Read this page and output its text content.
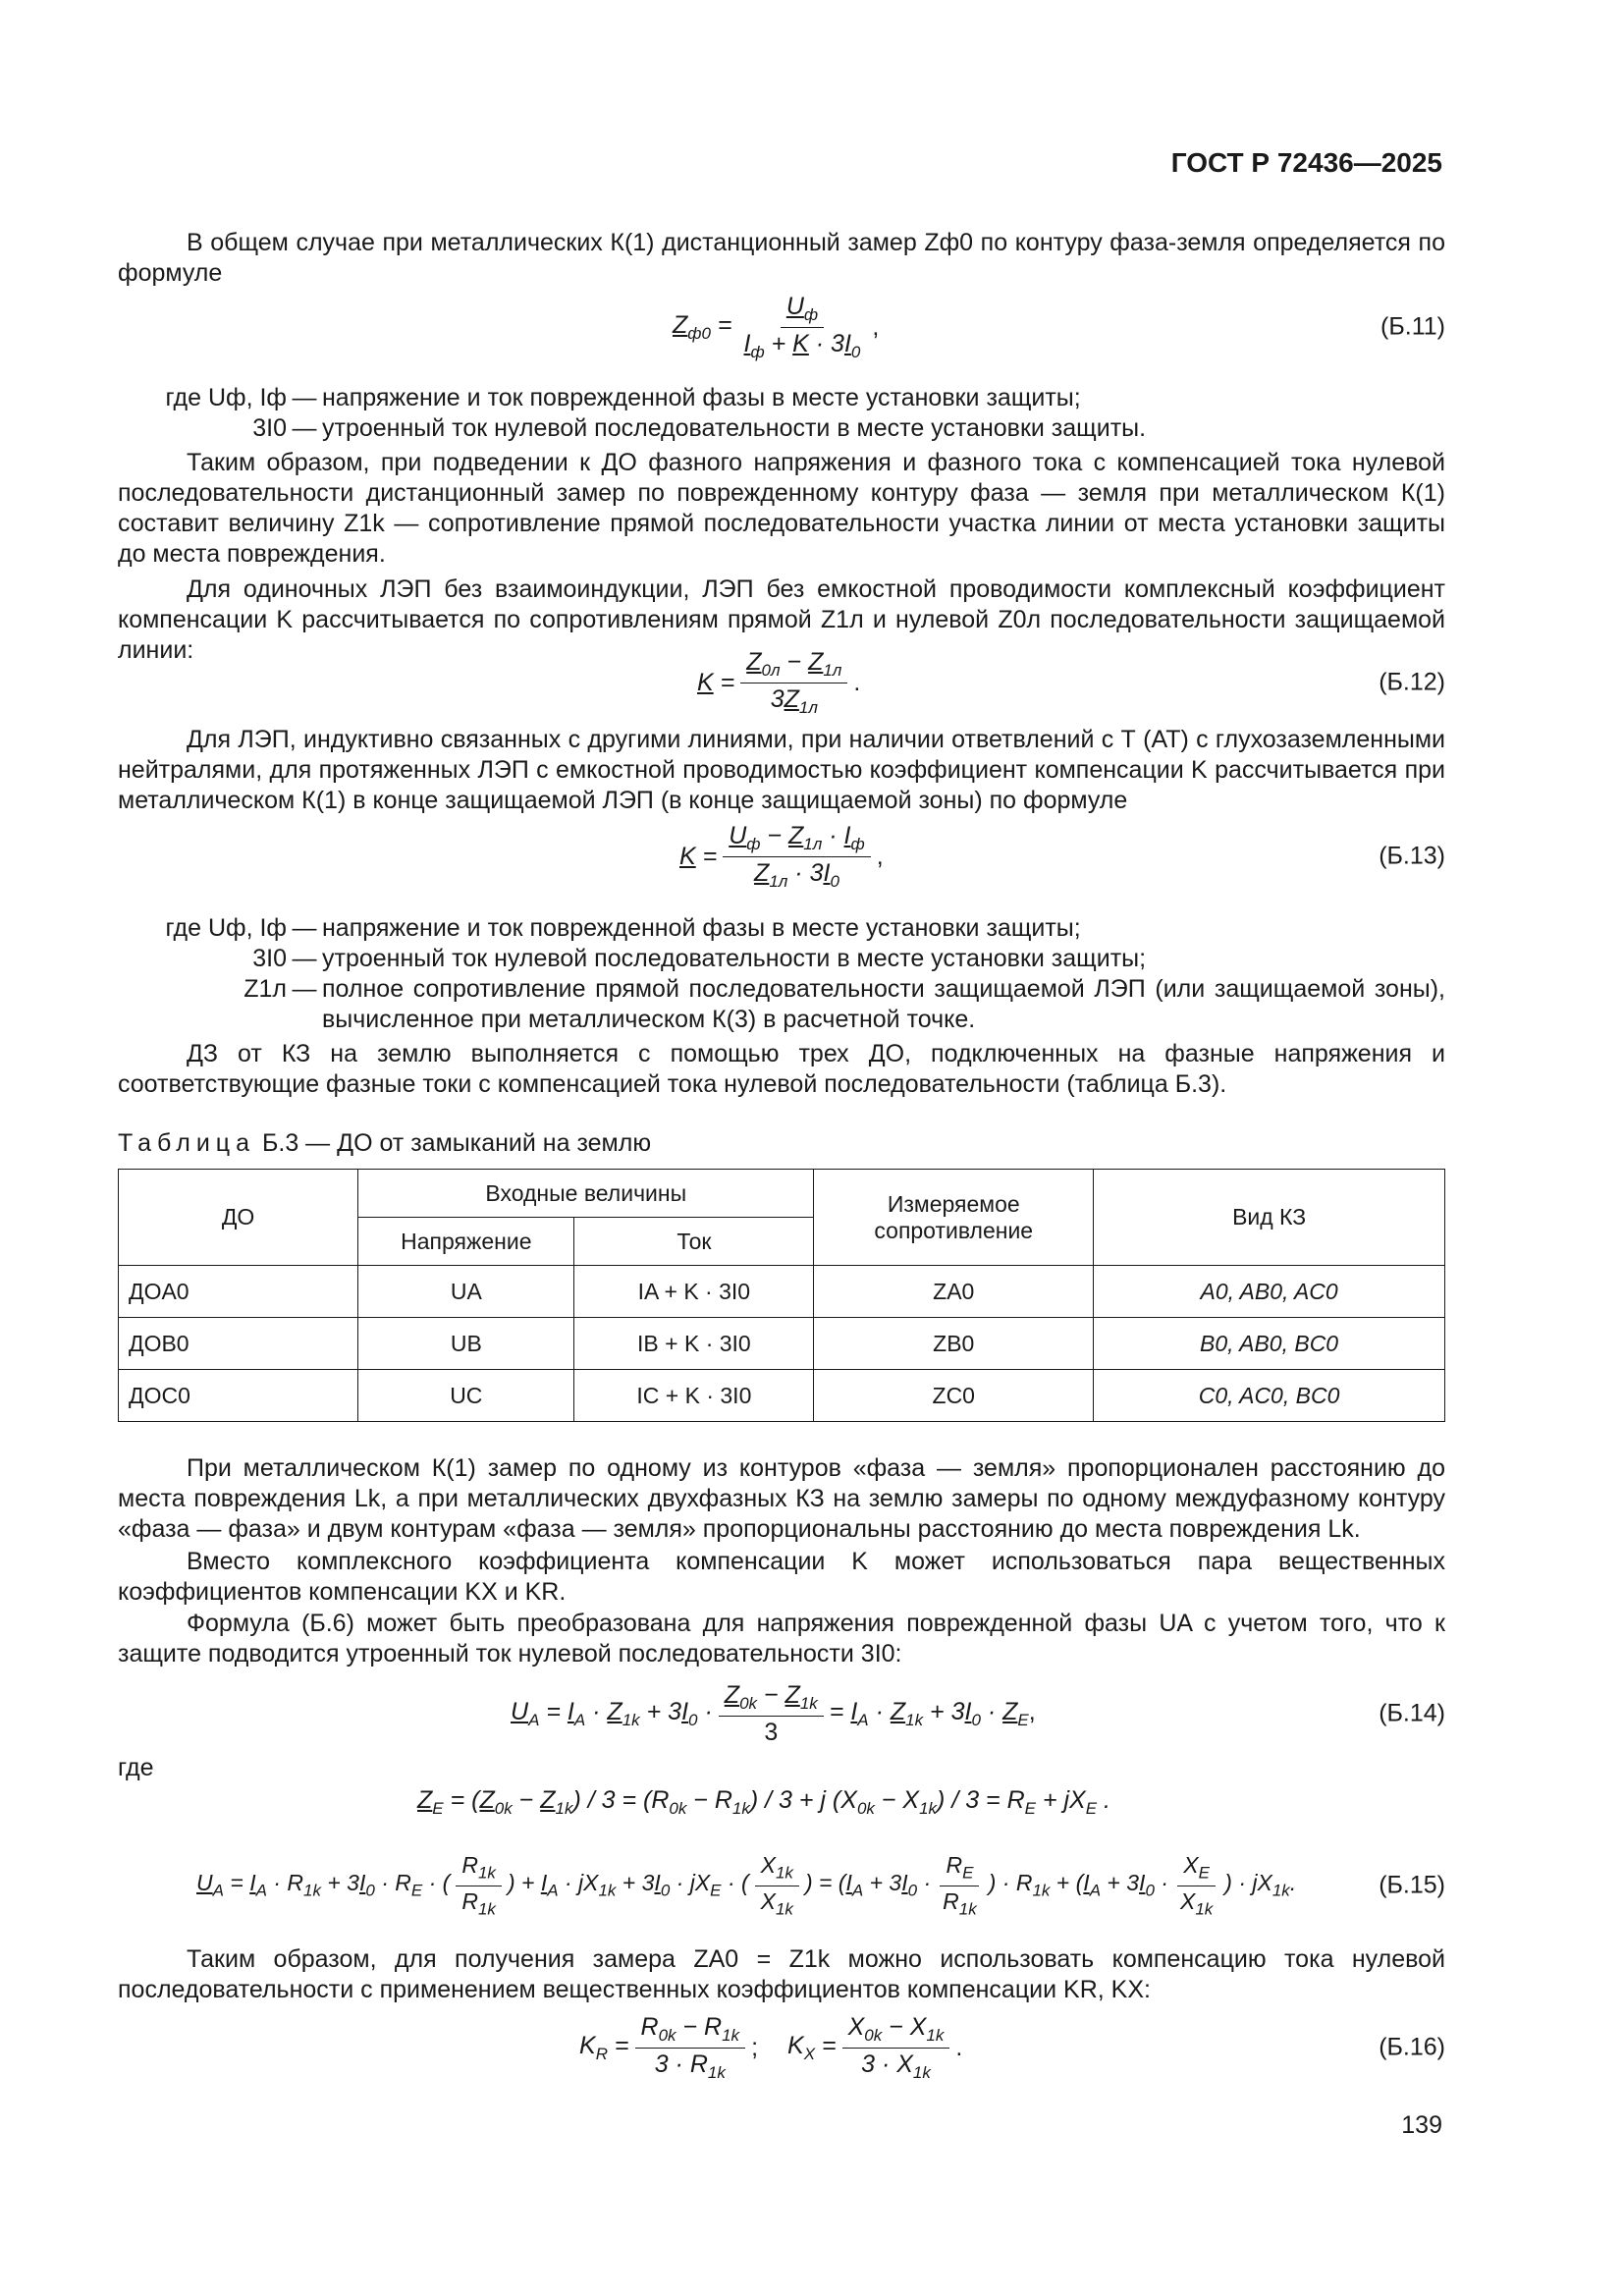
ГОСТ Р 72436—2025
В общем случае при металлических К(1) дистанционный замер Zф0 по контуру фаза-земля определяется по формуле
$Z_{ф0} = \frac{U_ф}{I_ф + K \cdot 3I_0}$ ,	(Б.11)
где Uф, Iф — напряжение и ток поврежденной фазы в месте установки защиты;
3I0 — утроенный ток нулевой последовательности в месте установки защиты.
Таким образом, при подведении к ДО фазного напряжения и фазного тока с компенсацией тока нулевой последовательности дистанционный замер по поврежденному контуру фаза — земля при металлическом К(1) составит величину Z1k — сопротивление прямой последовательности участка линии от места установки защиты до места повреждения.
Для одиночных ЛЭП без взаимоиндукции, ЛЭП без емкостной проводимости комплексный коэффициент компенсации K рассчитывается по сопротивлениям прямой Z1л и нулевой Z0л последовательности защищаемой линии:
$K = \frac{Z_{0л} - Z_{1л}}{3Z_{1л}}$ .	(Б.12)
Для ЛЭП, индуктивно связанных с другими линиями, при наличии ответвлений с Т (АТ) с глухозаземленными нейтралями, для протяженных ЛЭП с емкостной проводимостью коэффициент компенсации K рассчитывается при металлическом К(1) в конце защищаемой ЛЭП (в конце защищаемой зоны) по формуле
$K = \frac{U_ф - Z_{1л} \cdot I_ф}{Z_{1л} \cdot 3I_0}$ ,	(Б.13)
где Uф, Iф — напряжение и ток поврежденной фазы в месте установки защиты;
3I0 — утроенный ток нулевой последовательности в месте установки защиты;
Z1л — полное сопротивление прямой последовательности защищаемой ЛЭП (или защищаемой зоны), вычисленное при металлическом К(3) в расчетной точке.
ДЗ от КЗ на землю выполняется с помощью трех ДО, подключенных на фазные напряжения и соответствующие фазные токи с компенсацией тока нулевой последовательности (таблица Б.3).
Таблица Б.3 — ДО от замыканий на землю
ДО	Входные величины		Измеряемое сопротивление	Вид КЗ
	Напряжение	Ток		
ДОA0	UA	IA + K · 3I0	ZA0	A0, AB0, AC0
ДОB0	UB	IB + K · 3I0	ZB0	B0, AB0, BC0
ДОC0	UC	IC + K · 3I0	ZC0	C0, AC0, BC0
При металлическом К(1) замер по одному из контуров «фаза — земля» пропорционален расстоянию до места повреждения Lk, а при металлических двухфазных КЗ на землю замеры по одному междуфазному контуру «фаза — фаза» и двум контурам «фаза — земля» пропорциональны расстоянию до места повреждения Lk.
Вместо комплексного коэффициента компенсации K может использоваться пара вещественных коэффициентов компенсации KX и KR.
Формула (Б.6) может быть преобразована для напряжения поврежденной фазы UA с учетом того, что к защите подводится утроенный ток нулевой последовательности 3I0:
$U_A = I_A \cdot Z_{1k} + 3I_0 \cdot \frac{Z_{0k} - Z_{1k}}{3} = I_A \cdot Z_{1k} + 3I_0 \cdot Z_E$,	(Б.14)
где
$Z_E = (Z_{0k} - Z_{1k}) / 3 = (R_{0k} - R_{1k}) / 3 + j$ $(X_{0k} - X_{1k}) / 3 = R_E + jX_E$ .
$U_A = I_A \cdot R_{1k} + 3I_0 \cdot R_E$ · ( $\frac{R_{1k}}{R_{1k}}$ ) + $I_A \cdot jX_{1k} + 3I_0 \cdot jX_E$ · ( $\frac{X_{1k}}{X_{1k}}$ ) = ($I_A + 3I_0 \cdot \frac{R_E}{R_{1k}}$ ) · $R_{1k} + (I_A + 3I_0 \cdot \frac{X_E}{X_{1k}}$ ) · $jX_{1k}$.	(Б.15)
Таким образом, для получения замера ZA0 = Z1k можно использовать компенсацию тока нулевой последовательности с применением вещественных коэффициентов компенсации KR, KX:
$K_R = \frac{R_{0k} - R_{1k}}{3 \cdot R_{1k}}$ ; $K_X = \frac{X_{0k} - X_{1k}}{3 \cdot X_{1k}}$ .	(Б.16)
139
